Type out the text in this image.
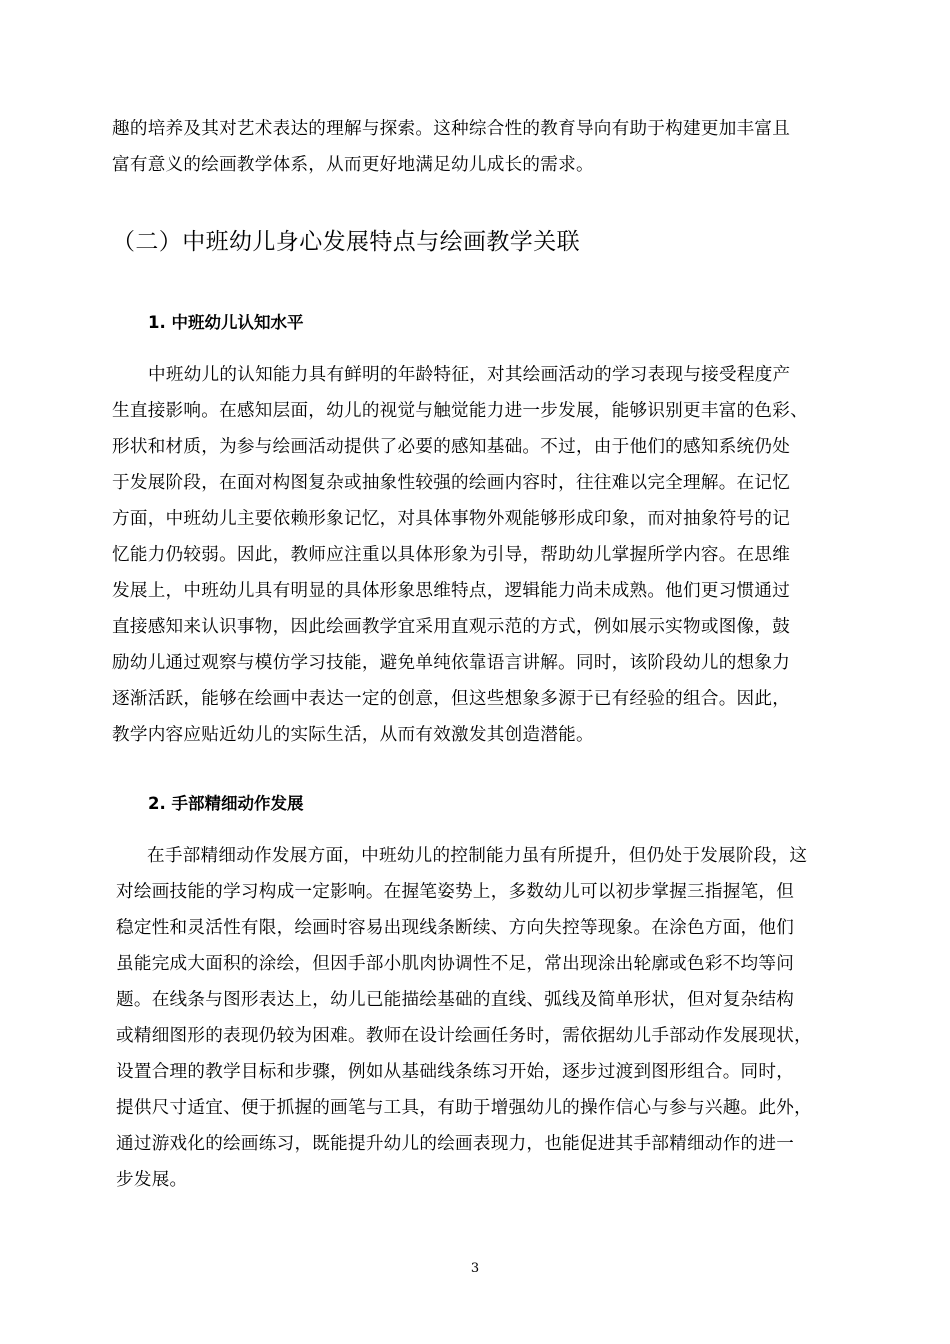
趣的培养及其对艺术表达的理解与探索。这种综合性的教育导向有助于构建更加丰富且
富有意义的绘画教学体系，从而更好地满足幼儿成长的需求。
（二）中班幼儿身心发展特点与绘画教学关联
1. 中班幼儿认知水平
中班幼儿的认知能力具有鲜明的年龄特征，对其绘画活动的学习表现与接受程度产
生直接影响。在感知层面，幼儿的视觉与触觉能力进一步发展，能够识别更丰富的色彩、
形状和材质，为参与绘画活动提供了必要的感知基础。不过，由于他们的感知系统仍处
于发展阶段，在面对构图复杂或抽象性较强的绘画内容时，往往难以完全理解。在记忆
方面，中班幼儿主要依赖形象记忆，对具体事物外观能够形成印象，而对抽象符号的记
忆能力仍较弱。因此，教师应注重以具体形象为引导，帮助幼儿掌握所学内容。在思维
发展上，中班幼儿具有明显的具体形象思维特点，逻辑能力尚未成熟。他们更习惯通过
直接感知来认识事物，因此绘画教学宜采用直观示范的方式，例如展示实物或图像，鼓
励幼儿通过观察与模仿学习技能，避免单纯依靠语言讲解。同时，该阶段幼儿的想象力
逐渐活跃，能够在绘画中表达一定的创意，但这些想象多源于已有经验的组合。因此，
教学内容应贴近幼儿的实际生活，从而有效激发其创造潜能。
2. 手部精细动作发展
在手部精细动作发展方面，中班幼儿的控制能力虽有所提升，但仍处于发展阶段，这
对绘画技能的学习构成一定影响。在握笔姿势上，多数幼儿可以初步掌握三指握笔，但
稳定性和灵活性有限，绘画时容易出现线条断续、方向失控等现象。在涂色方面，他们
虽能完成大面积的涂绘，但因手部小肌肉协调性不足，常出现涂出轮廓或色彩不均等问
题。在线条与图形表达上，幼儿已能描绘基础的直线、弧线及简单形状，但对复杂结构
或精细图形的表现仍较为困难。教师在设计绘画任务时，需依据幼儿手部动作发展现状，
设置合理的教学目标和步骤，例如从基础线条练习开始，逐步过渡到图形组合。同时，
提供尺寸适宜、便于抓握的画笔与工具，有助于增强幼儿的操作信心与参与兴趣。此外，
通过游戏化的绘画练习，既能提升幼儿的绘画表现力，也能促进其手部精细动作的进一
步发展。
3
